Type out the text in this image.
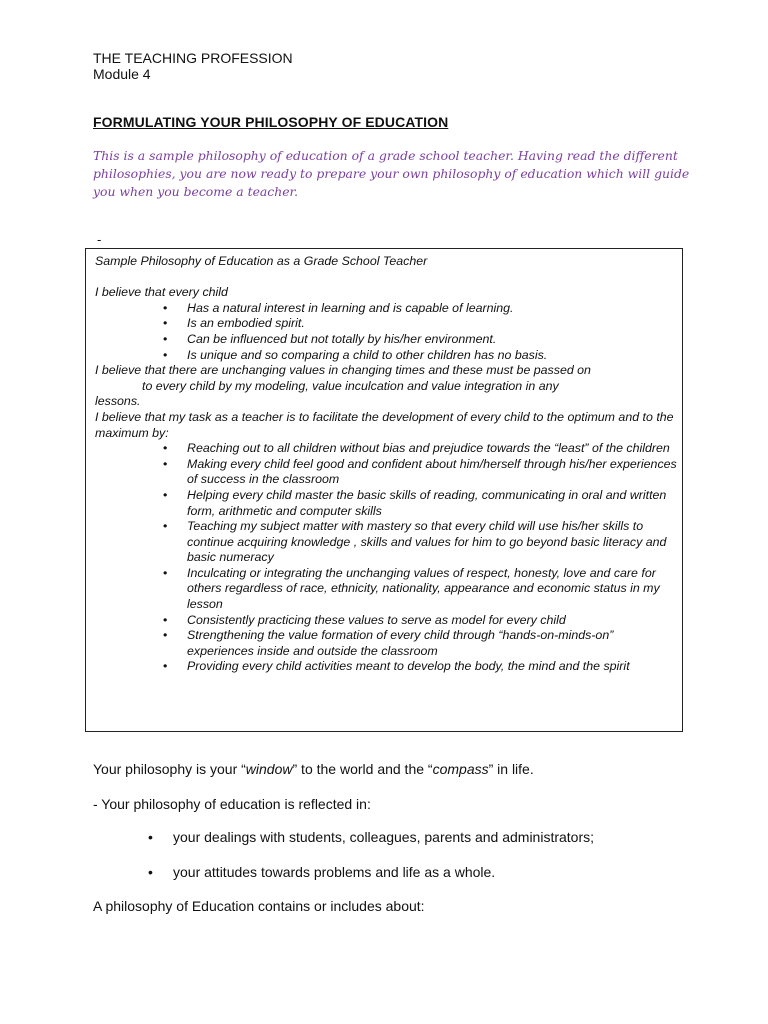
THE TEACHING PROFESSION
Module 4
FORMULATING YOUR PHILOSOPHY OF EDUCATION
This is a sample philosophy of education of a grade school teacher. Having read the different philosophies, you are now ready to prepare your own philosophy of education which will guide you when you become a teacher.
-

Sample Philosophy of Education as a Grade School Teacher

I believe that every child

• Has a natural interest in learning and is capable of learning.
• Is an embodied spirit.
• Can be influenced but not totally by his/her environment.
• Is unique and so comparing a child to other children has no basis.

I believe that there are unchanging values in changing times and these must be passed on

to every child by my modeling, value inculcation and value integration in any

lessons.

I believe that my task as a teacher is to facilitate the development of every child to the optimum and to the maximum by:

• Reaching out to all children without bias and prejudice towards the “least” of the children
• Making every child feel good and confident about him/herself through his/her experiences of success in the classroom
• Helping every child master the basic skills of reading, communicating in oral and written form, arithmetic and computer skills
• Teaching my subject matter with mastery so that every child will use his/her skills to continue acquiring knowledge , skills and values for him to go beyond basic literacy and basic numeracy
• Inculcating or integrating the unchanging values of respect, honesty, love and care for others regardless of race, ethnicity, nationality, appearance and economic status in my lesson
• Consistently practicing these values to serve as model for every child
• Strengthening the value formation of every child through “hands-on-minds-on” experiences inside and outside the classroom
• Providing every child activities meant to develop the body, the mind and the spirit
Your philosophy is your “window” to the world and the “compass” in life.
- Your philosophy of education is reflected in:
• your dealings with students, colleagues, parents and administrators;
• your attitudes towards problems and life as a whole.
A philosophy of Education contains or includes about:
